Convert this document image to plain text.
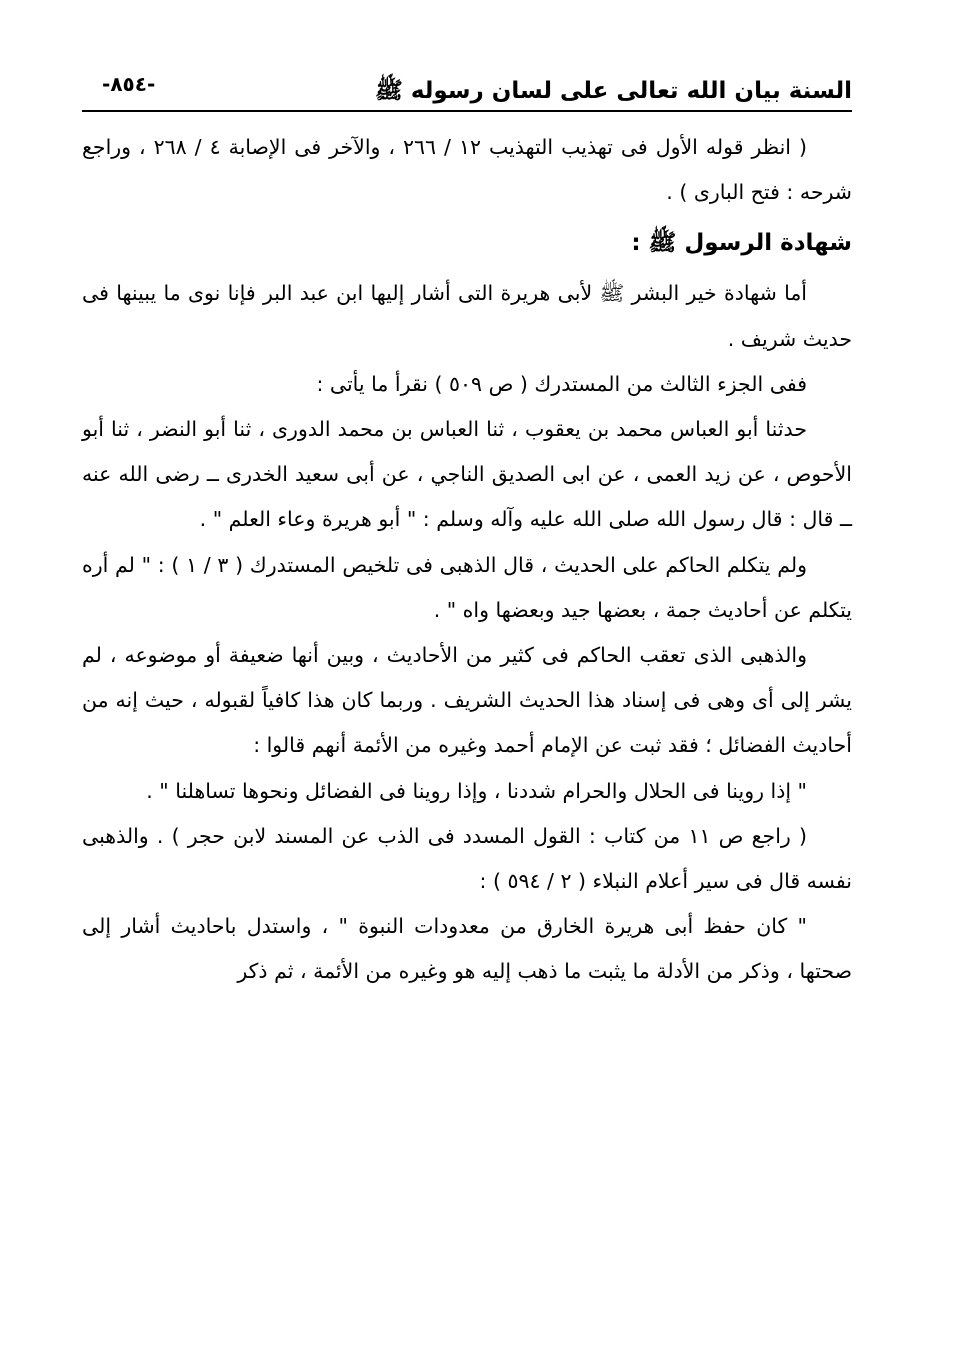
السنة بيان الله تعالى على لسان رسوله ﷺ
-٨٥٤-

( انظر قوله الأول فى تهذيب التهذيب ١٢ / ٢٦٦ ، والآخر فى الإصابة ٤ / ٢٦٨ ، وراجع شرحه : فتح البارى ) .

شهادة الرسول ﷺ :

أما شهادة خير البشر ﷺ لأبى هريرة التى أشار إليها ابن عبد البر فإنا نوى ما يبينها فى حديث شريف .

ففى الجزء الثالث من المستدرك ( ص ٥٠٩ ) نقرأ ما يأتى :

حدثنا أبو العباس محمد بن يعقوب ، ثنا العباس بن محمد الدورى ، ثنا أبو النضر ، ثنا أبو الأحوص ، عن زيد العمى ، عن ابى الصديق الناجي ، عن أبى سعيد الخدرى ــ رضى الله عنه ــ قال : قال رسول الله صلى الله عليه وآله وسلم : " أبو هريرة وعاء العلم " .

ولم يتكلم الحاكم على الحديث ، قال الذهبى فى تلخيص المستدرك ( ٣ / ١ ) : " لم أره يتكلم عن أحاديث جمة ، بعضها جيد وبعضها واه " .

والذهبى الذى تعقب الحاكم فى كثير من الأحاديث ، وبين أنها ضعيفة أو موضوعه ، لم يشر إلى أى وهى فى إسناد هذا الحديث الشريف . وربما كان هذا كافياً لقبوله ، حيث إنه من أحاديث الفضائل ؛ فقد ثبت عن الإمام أحمد وغيره من الأئمة أنهم قالوا :

" إذا روينا فى الحلال والحرام شددنا ، وإذا روينا فى الفضائل ونحوها تساهلنا " .

( راجع ص ١١ من كتاب : القول المسدد فى الذب عن المسند لابن حجر ) . والذهبى نفسه قال فى سير أعلام النبلاء ( ٢ / ٥٩٤ ) :

" كان حفظ أبى هريرة الخارق من معدودات النبوة " ، واستدل باحاديث أشار إلى صحتها ، وذكر من الأدلة ما يثبت ما ذهب إليه هو وغيره من الأئمة ، ثم ذكر
